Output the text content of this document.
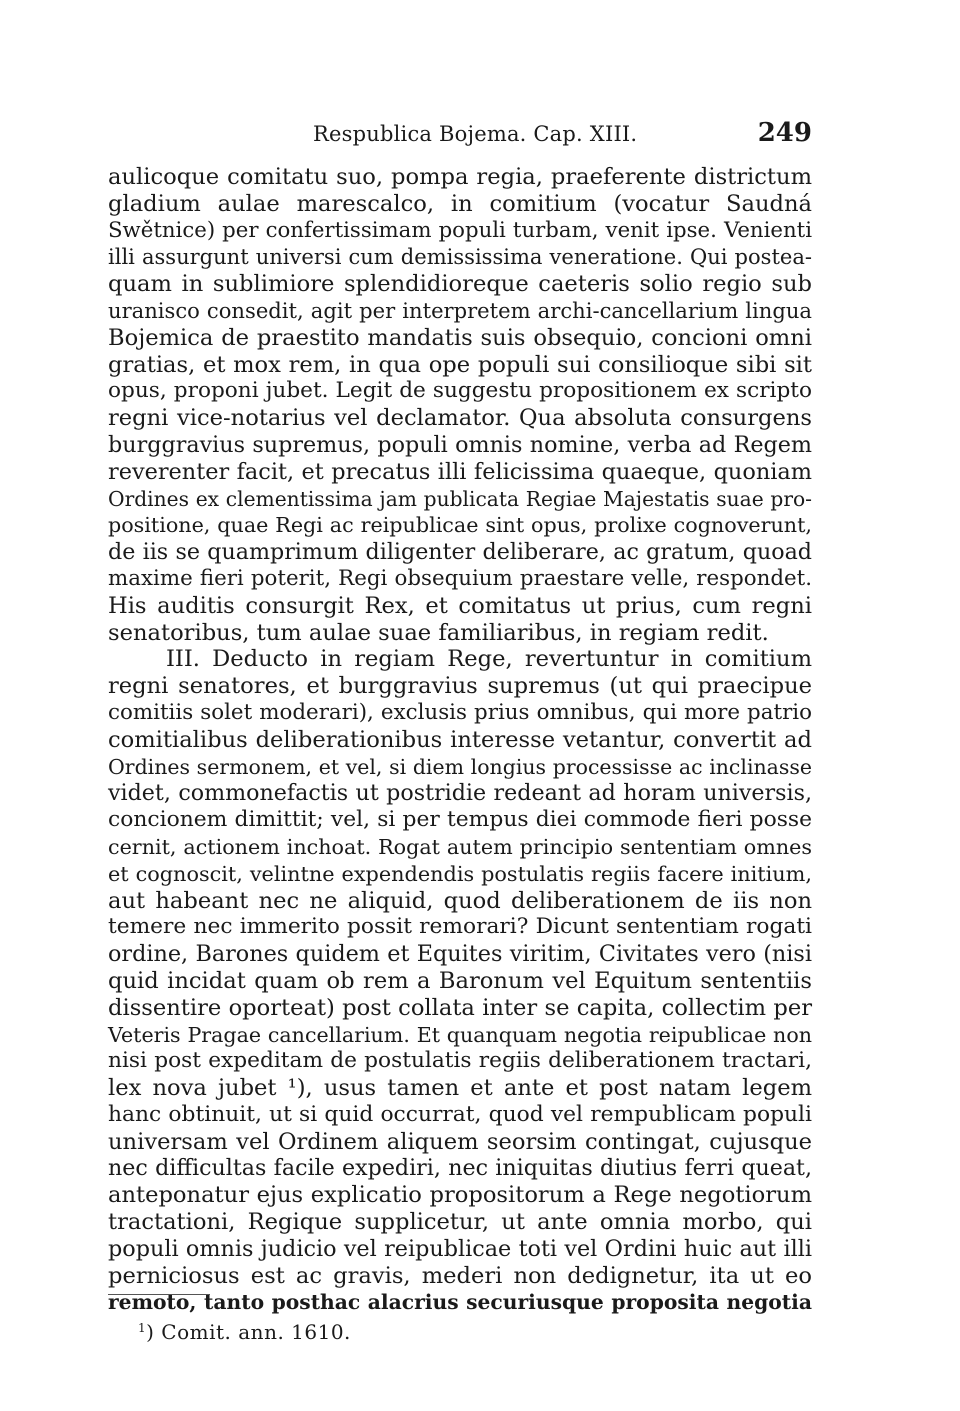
Respublica Bojema. Cap. XIII.	249

aulicoque comitatu suo, pompa regia, praeferente districtum

gladium aulae marescalco, in comitium (vocatur Saudná

Swětnice) per confertissimam populi turbam, venit ipse. Venienti

illi assurgunt universi cum demississima veneratione. Qui postea-

quam in sublimiore splendidioreque caeteris solio regio sub

uranisco consedit, agit per interpretem archi-cancellarium lingua

Bojemica de praestito mandatis suis obsequio, concioni omni

gratias, et mox rem, in qua ope populi sui consilioque sibi sit

opus, proponi jubet. Legit de suggestu propositionem ex scripto

regni vice-notarius vel declamator. Qua absoluta consurgens

burggravius supremus, populi omnis nomine, verba ad Regem

reverenter facit, et precatus illi felicissima quaeque, quoniam

Ordines ex clementissima jam publicata Regiae Majestatis suae pro-

positione, quae Regi ac reipublicae sint opus, prolixe cognoverunt,

de iis se quamprimum diligenter deliberare, ac gratum, quoad

maxime fieri poterit, Regi obsequium praestare velle, respondet.

His auditis consurgit Rex, et comitatus ut prius, cum regni

senatoribus, tum aulae suae familiaribus, in regiam redit.

III. Deducto in regiam Rege, revertuntur in comitium

regni senatores, et burggravius supremus (ut qui praecipue

comitiis solet moderari), exclusis prius omnibus, qui more patrio

comitialibus deliberationibus interesse vetantur, convertit ad

Ordines sermonem, et vel, si diem longius processisse ac inclinasse

videt, commonefactis ut postridie redeant ad horam universis,

concionem dimittit; vel, si per tempus diei commode fieri posse

cernit, actionem inchoat. Rogat autem principio sententiam omnes

et cognoscit, velintne expendendis postulatis regiis facere initium,

aut habeant nec ne aliquid, quod deliberationem de iis non

temere nec immerito possit remorari? Dicunt sententiam rogati

ordine, Barones quidem et Equites viritim, Civitates vero (nisi

quid incidat quam ob rem a Baronum vel Equitum sententiis

dissentire oporteat) post collata inter se capita, collectim per

Veteris Pragae cancellarium. Et quanquam negotia reipublicae non

nisi post expeditam de postulatis regiis deliberationem tractari,

lex nova jubet ¹), usus tamen et ante et post natam legem

hanc obtinuit, ut si quid occurrat, quod vel rempublicam populi

universam vel Ordinem aliquem seorsim contingat, cujusque

nec difficultas facile expediri, nec iniquitas diutius ferri queat,

anteponatur ejus explicatio propositorum a Rege negotiorum

tractationi, Regique supplicetur, ut ante omnia morbo, qui

populi omnis judicio vel reipublicae toti vel Ordini huic aut illi

perniciosus est ac gravis, mederi non dedignetur, ita ut eo

remoto, tanto posthac alacrius securiusque proposita negotia

$^1$) Comit. ann. 1610.
